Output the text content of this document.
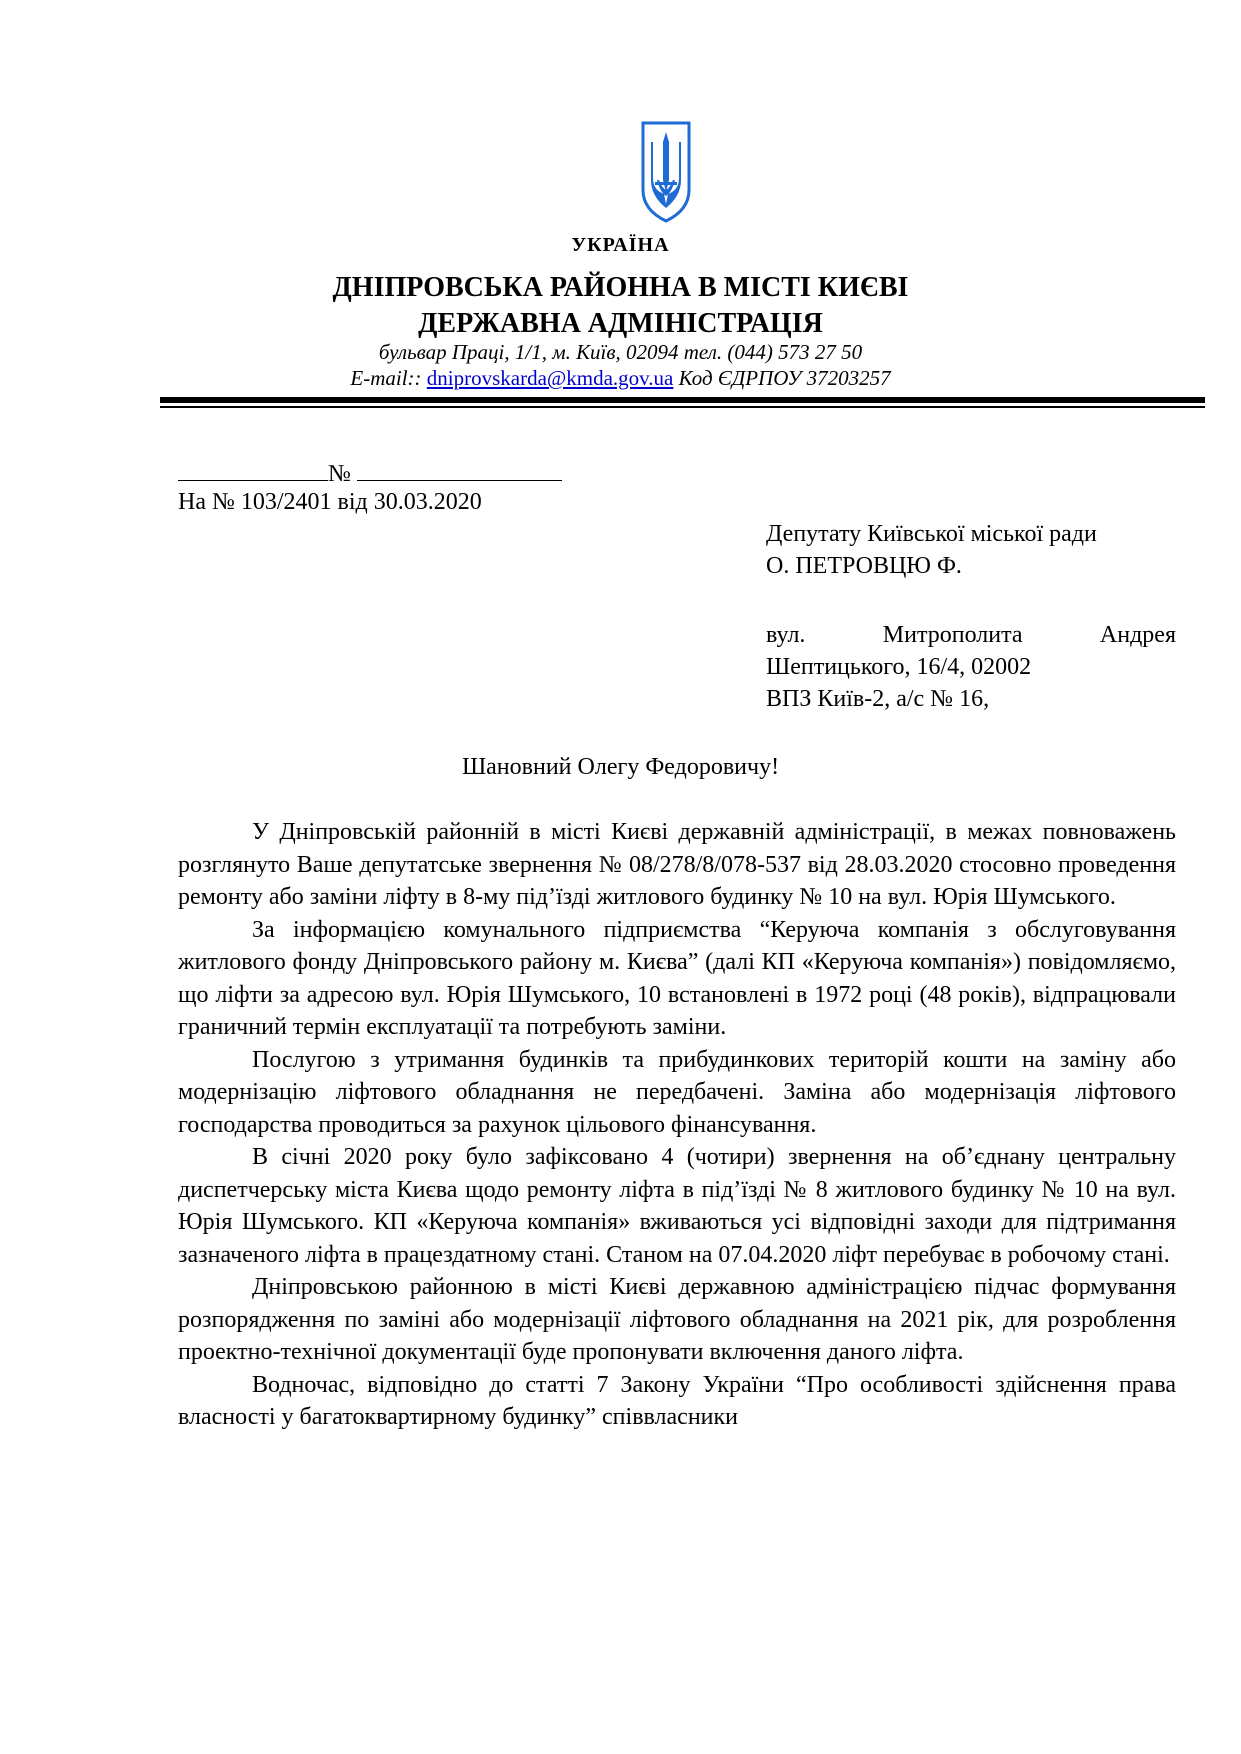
УКРАЇНА
ДНІПРОВСЬКА РАЙОННА В МІСТІ КИЄВІ
ДЕРЖАВНА АДМІНІСТРАЦІЯ
бульвар Праці, 1/1, м. Київ, 02094 тел. (044) 573 27 50
E-mail:: dniprovskarda@kmda.gov.ua Код ЄДРПОУ 37203257
№
На № 103/2401 від 30.03.2020
Депутату Київської міської ради
О. ПЕТРОВЦЮ Ф.
вул. Митрополита Андрея
Шептицького, 16/4, 02002
ВПЗ Київ-2, а/с № 16,
Шановний Олегу Федоровичу!

У Дніпровській районній в місті Києві державній адміністрації, в межах повноважень розглянуто Ваше депутатське звернення № 08/278/8/078-537 від 28.03.2020 стосовно проведення ремонту або заміни ліфту в 8-му під’їзді житлового будинку № 10 на вул. Юрія Шумського.

За інформацією комунального підприємства “Керуюча компанія з обслуговування житлового фонду Дніпровського району м. Києва” (далі КП «Керуюча компанія») повідомляємо, що ліфти за адресою вул. Юрія Шумського, 10 встановлені в 1972 році (48 років), відпрацювали граничний термін експлуатації та потребують заміни.

Послугою з утримання будинків та прибудинкових територій кошти на заміну або модернізацію ліфтового обладнання не передбачені. Заміна або модернізація ліфтового господарства проводиться за рахунок цільового фінансування.

В січні 2020 року було зафіксовано 4 (чотири) звернення на об’єднану центральну диспетчерську міста Києва щодо ремонту ліфта в під’їзді № 8 житлового будинку № 10 на вул. Юрія Шумського. КП «Керуюча компанія» вживаються усі відповідні заходи для підтримання зазначеного ліфта в працездатному стані. Станом на 07.04.2020 ліфт перебуває в робочому стані.

Дніпровською районною в місті Києві державною адміністрацією підчас формування розпорядження по заміні або модернізації ліфтового обладнання на 2021 рік, для розроблення проектно-технічної документації буде пропонувати включення даного ліфта.

Водночас, відповідно до статті 7 Закону України “Про особливості здійснення права власності у багатоквартирному будинку” співвласники
